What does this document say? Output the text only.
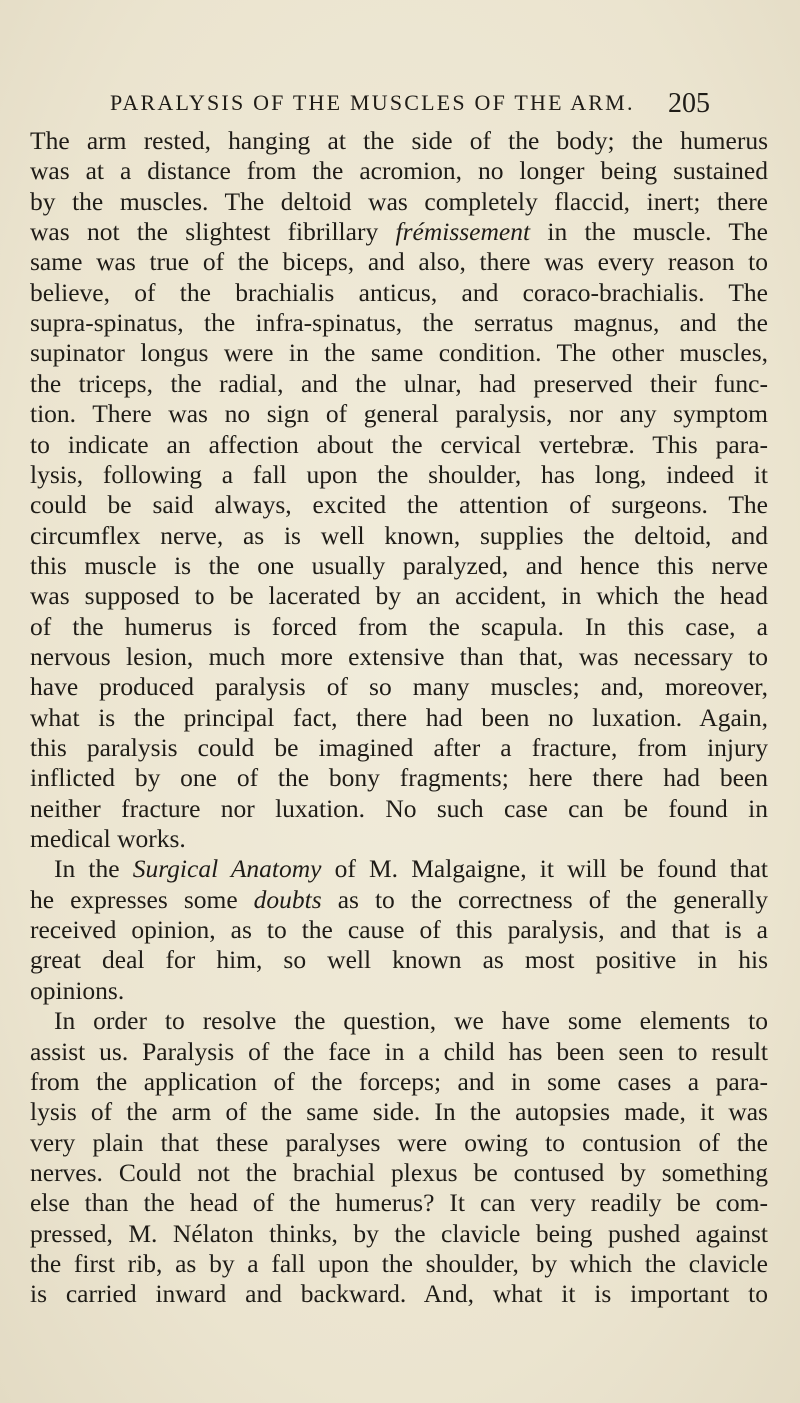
PARALYSIS OF THE MUSCLES OF THE ARM. 205
The arm rested, hanging at the side of the body; the humerus
was at a distance from the acromion, no longer being sustained
by the muscles. The deltoid was completely flaccid, inert; there
was not the slightest fibrillary frémissement in the muscle. The
same was true of the biceps, and also, there was every reason to
believe, of the brachialis anticus, and coraco-brachialis. The
supra-spinatus, the infra-spinatus, the serratus magnus, and the
supinator longus were in the same condition. The other muscles,
the triceps, the radial, and the ulnar, had preserved their func-
tion. There was no sign of general paralysis, nor any symptom
to indicate an affection about the cervical vertebræ. This para-
lysis, following a fall upon the shoulder, has long, indeed it
could be said always, excited the attention of surgeons. The
circumflex nerve, as is well known, supplies the deltoid, and
this muscle is the one usually paralyzed, and hence this nerve
was supposed to be lacerated by an accident, in which the head
of the humerus is forced from the scapula. In this case, a
nervous lesion, much more extensive than that, was necessary to
have produced paralysis of so many muscles; and, moreover,
what is the principal fact, there had been no luxation. Again,
this paralysis could be imagined after a fracture, from injury
inflicted by one of the bony fragments; here there had been
neither fracture nor luxation. No such case can be found in
medical works.
In the Surgical Anatomy of M. Malgaigne, it will be found that
he expresses some doubts as to the correctness of the generally
received opinion, as to the cause of this paralysis, and that is a
great deal for him, so well known as most positive in his
opinions.
In order to resolve the question, we have some elements to
assist us. Paralysis of the face in a child has been seen to result
from the application of the forceps; and in some cases a para-
lysis of the arm of the same side. In the autopsies made, it was
very plain that these paralyses were owing to contusion of the
nerves. Could not the brachial plexus be contused by something
else than the head of the humerus? It can very readily be com-
pressed, M. Nélaton thinks, by the clavicle being pushed against
the first rib, as by a fall upon the shoulder, by which the clavicle
is carried inward and backward. And, what it is important to
